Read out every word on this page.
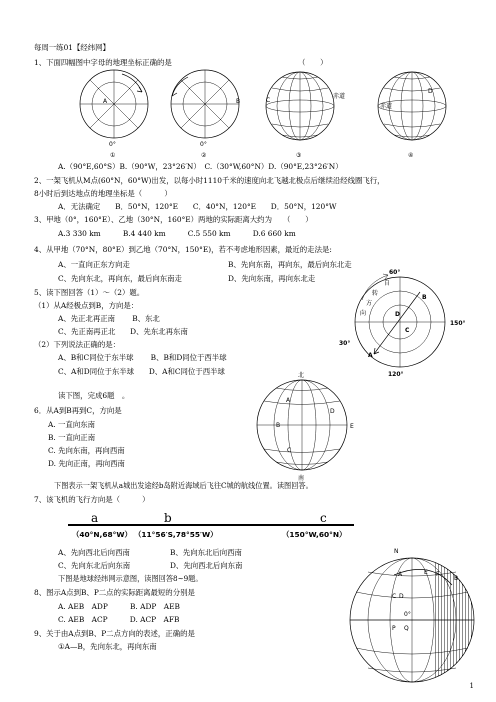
每周一练01【经纬网】
1、下面四幅图中字母的地理坐标正确的是	（　　）
A
0°
①
B
0°
②
C
赤道
③
D
赤道
④
A.（90°E,60°S）B.（90°W，23°26′N）　C.（30°W,60°N）D.（90°E,23°26′N）
2、一架飞机从M点(60°N，60°W)出发，以每小时1110千米的速度向北飞越北极点后继续沿经线圈飞行，
8小时后到达地点的地理坐标是（　　　）
A．无法确定　　B．50°N，120°E　　C．40°N，120°E　　D．50°N，120°W
3、甲地（0°，160°E）、乙地（30°N，160°E）两地的实际距离大约为　　（　　）
A.3 330 km　　　B.4 440 km　　　C.5 550 km　　　D.6 660 km
4、从甲地（70°N，80°E）到乙地（70°N，150°E)，若不考虑地形因素，最近的走法是:
A、一直向正东方向走	B、先向东南，再向东，最后向东北走
C、先向东北，再向东，最后向东南走	D、先向东南，再向东北走
5、读下图回答（1）～（2）题。
（1）从A经极点到B，方向是：
A、先正北再正南　　 B、东北
C、先正南再正北　　D、先东北再东南
（2）下列说法正确的是：
A、B和C同位于东半球　　 B、B和D同位于西半球
C、A和D同位于东半球　　D、A和C同位于西半球
转
方
向
自
60°
150°
30°
120°
A
B
C
D
读下图，完成6题　。
6．从A到B再到C，方向是
A. 一直向东南
B. 一直向正南
C. 先向东南，再向西南
D. 先向正南，再向西南
北
南
A
B
C
D
E
下图表示一架飞机从a城出发途经b岛附近海域后飞往C城的航线位置。读图回答。
7、该飞机的飞行方向是（　　　）
a	b	c
（40°N,68°W） （11°56′S,78°55′W）	（150°W,60°N）
A、先向西北后向西南	B、先向东北后向西南
C、先向东北后向东南	D、先向西北后向东南
下图是地球经纬网示意图，读图回答8~9题。
8、图示A点到B、P二点的实际距离最短的分别是
A. AEB　ADP　　　B. ADP　AEB
C. AEB　ACP　　　D. ACP　AFB
9、关于由A点到B、P二点方向的表述，正确的是
①A—B，先向东北，再向东南
N
A	E F
B
C D
0°
P Q
1
